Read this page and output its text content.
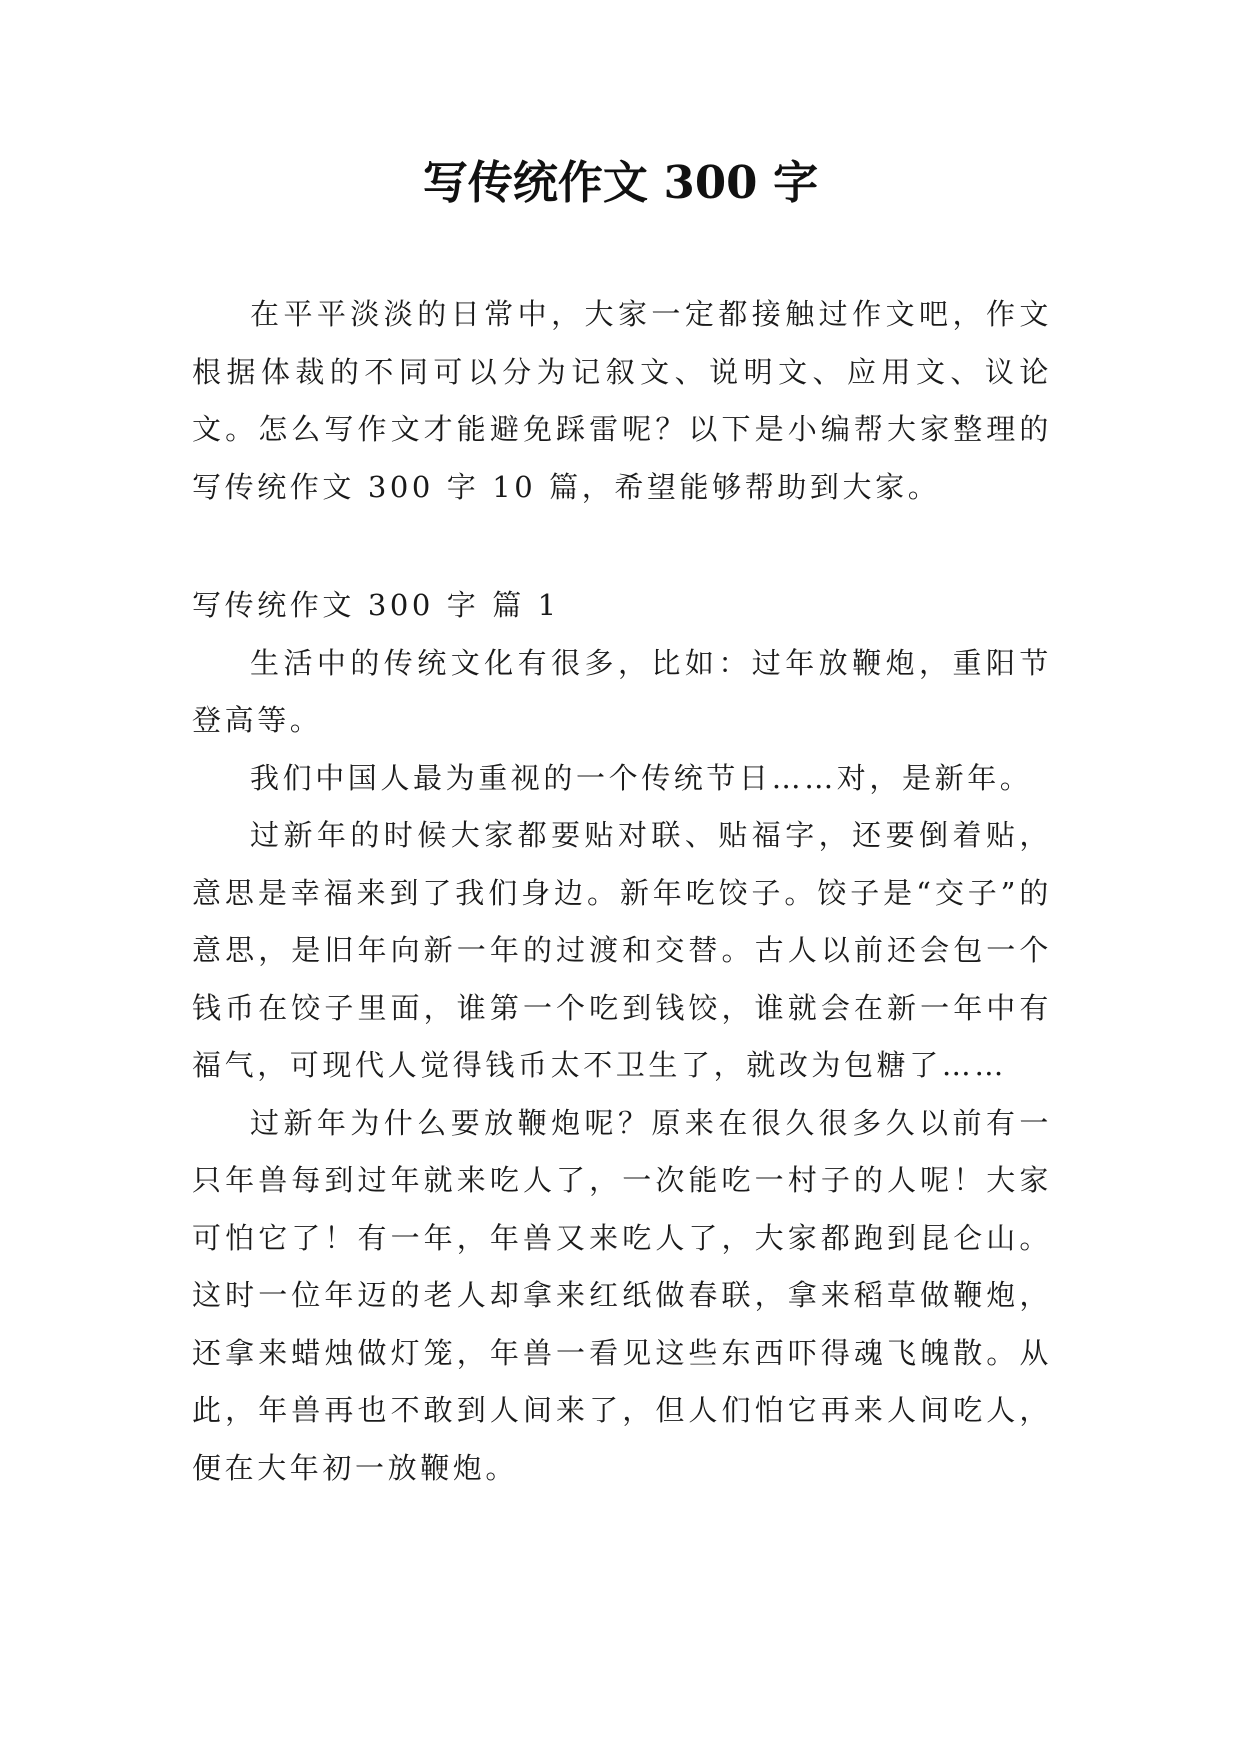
写传统作文 300 字

在平平淡淡的日常中，大家一定都接触过作文吧，作文根据体裁的不同可以分为记叙文、说明文、应用文、议论文。怎么写作文才能避免踩雷呢？以下是小编帮大家整理的写传统作文 300 字 10 篇，希望能够帮助到大家。

写传统作文 300 字 篇 1

生活中的传统文化有很多，比如：过年放鞭炮，重阳节登高等。

我们中国人最为重视的一个传统节日……对，是新年。

过新年的时候大家都要贴对联、贴福字，还要倒着贴，意思是幸福来到了我们身边。新年吃饺子。饺子是“交子”的意思，是旧年向新一年的过渡和交替。古人以前还会包一个钱币在饺子里面，谁第一个吃到钱饺，谁就会在新一年中有福气，可现代人觉得钱币太不卫生了，就改为包糖了……

过新年为什么要放鞭炮呢？原来在很久很多久以前有一只年兽每到过年就来吃人了，一次能吃一村子的人呢！大家可怕它了！有一年，年兽又来吃人了，大家都跑到昆仑山。这时一位年迈的老人却拿来红纸做春联，拿来稻草做鞭炮，还拿来蜡烛做灯笼，年兽一看见这些东西吓得魂飞魄散。从此，年兽再也不敢到人间来了，但人们怕它再来人间吃人，便在大年初一放鞭炮。
